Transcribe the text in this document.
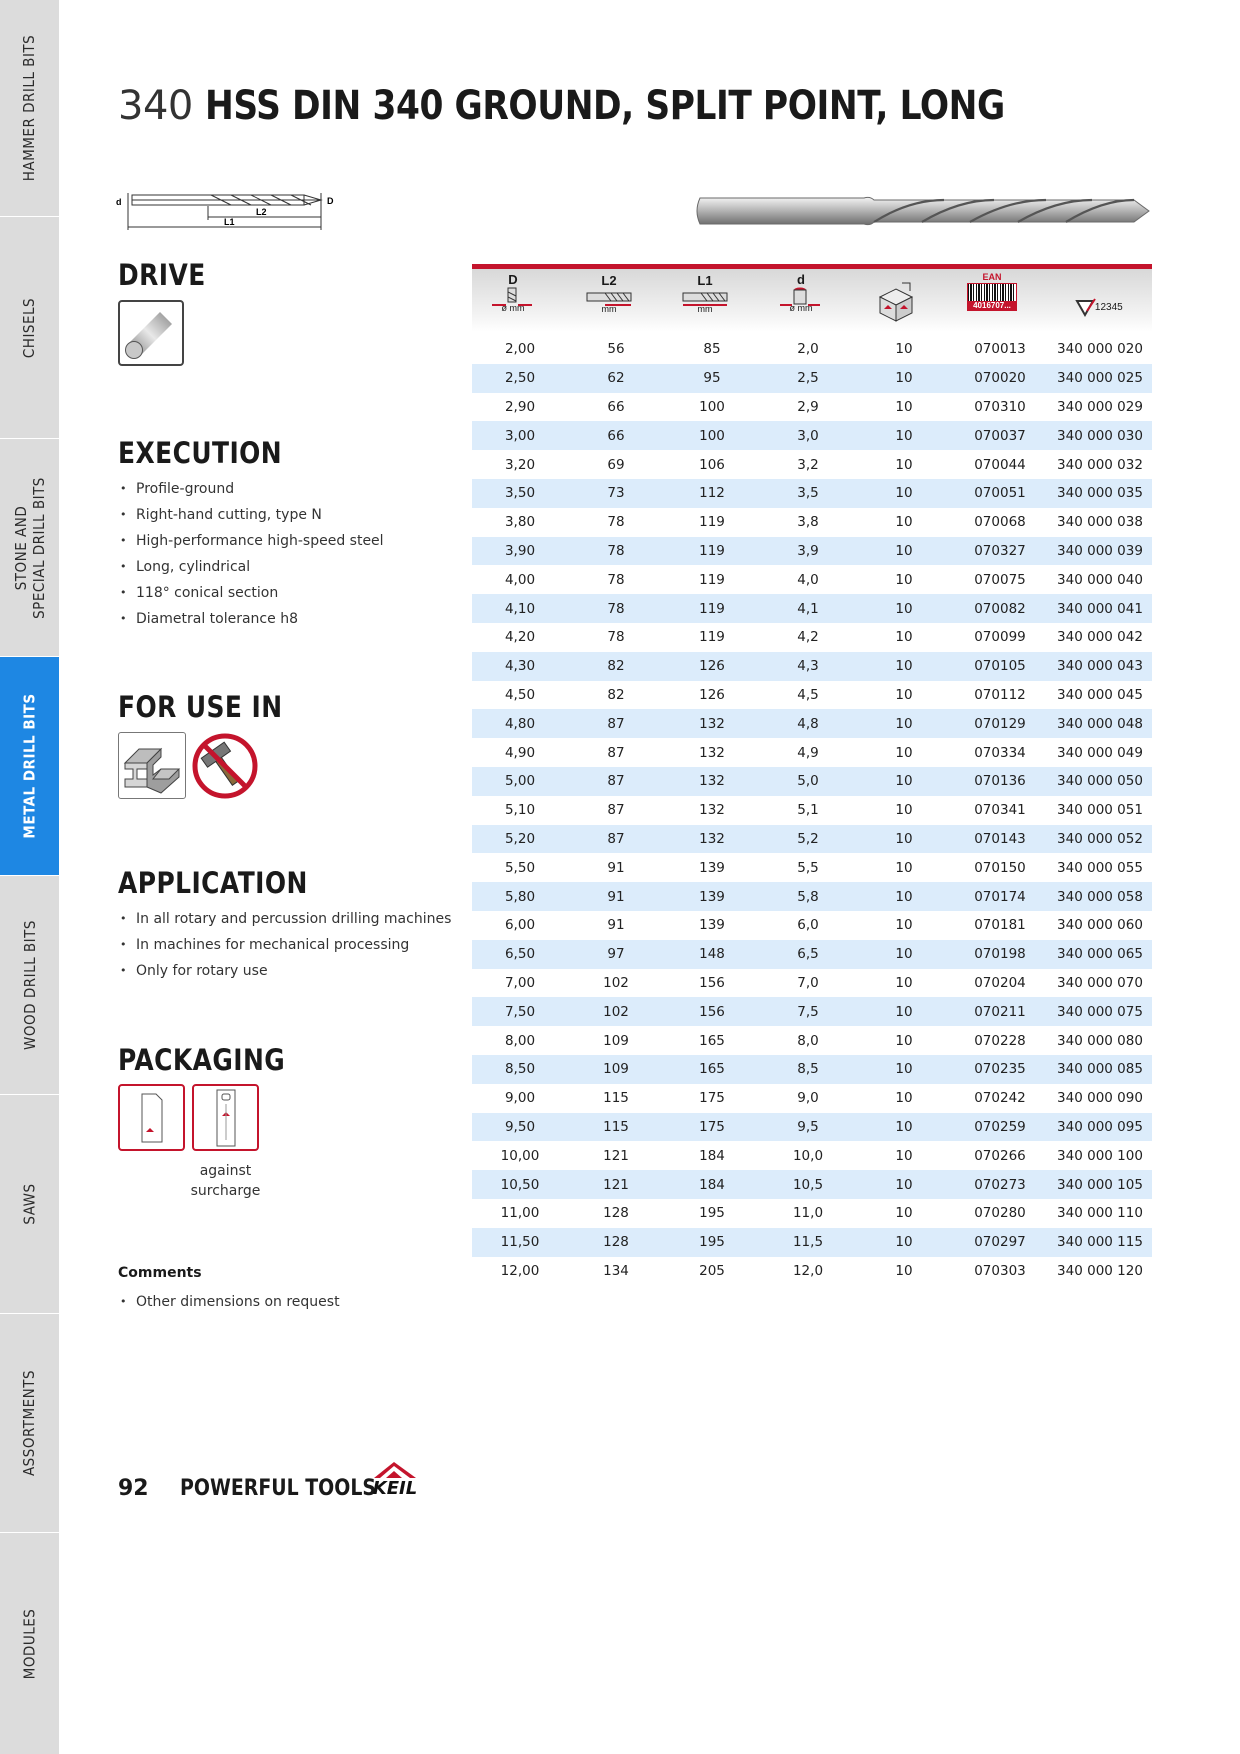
HAMMER DRILL BITS
CHISELS
STONE AND SPECIAL DRILL BITS
METAL DRILL BITS
WOOD DRILL BITS
SAWS
ASSORTMENTS
MODULES
340 HSS DIN 340 GROUND, SPLIT POINT, LONG
d	D
L2
L1
DRIVE
EXECUTION
• Profile-ground
• Right-hand cutting, type N
• High-performance high-speed steel
• Long, cylindrical
• 118° conical section
• Diametral tolerance h8
FOR USE IN
APPLICATION
• In all rotary and percussion drilling machines
• In machines for mechanical processing
• Only for rotary use
PACKAGING
against
surcharge
Comments
• Other dimensions on request
D
ø mm
L2
mm
L1
mm
d
ø mm
EAN
4016707...	$_{12345}$
2,00	56	85	2,0	10	070013	340 000 020
2,50	62	95	2,5	10	070020	340 000 025
2,90	66	100	2,9	10	070310	340 000 029
3,00	66	100	3,0	10	070037	340 000 030
3,20	69	106	3,2	10	070044	340 000 032
3,50	73	112	3,5	10	070051	340 000 035
3,80	78	119	3,8	10	070068	340 000 038
3,90	78	119	3,9	10	070327	340 000 039
4,00	78	119	4,0	10	070075	340 000 040
4,10	78	119	4,1	10	070082	340 000 041
4,20	78	119	4,2	10	070099	340 000 042
4,30	82	126	4,3	10	070105	340 000 043
4,50	82	126	4,5	10	070112	340 000 045
4,80	87	132	4,8	10	070129	340 000 048
4,90	87	132	4,9	10	070334	340 000 049
5,00	87	132	5,0	10	070136	340 000 050
5,10	87	132	5,1	10	070341	340 000 051
5,20	87	132	5,2	10	070143	340 000 052
5,50	91	139	5,5	10	070150	340 000 055
5,80	91	139	5,8	10	070174	340 000 058
6,00	91	139	6,0	10	070181	340 000 060
6,50	97	148	6,5	10	070198	340 000 065
7,00	102	156	7,0	10	070204	340 000 070
7,50	102	156	7,5	10	070211	340 000 075
8,00	109	165	8,0	10	070228	340 000 080
8,50	109	165	8,5	10	070235	340 000 085
9,00	115	175	9,0	10	070242	340 000 090
9,50	115	175	9,5	10	070259	340 000 095
10,00	121	184	10,0	10	070266	340 000 100
10,50	121	184	10,5	10	070273	340 000 105
11,00	128	195	11,0	10	070280	340 000 110
11,50	128	195	11,5	10	070297	340 000 115
12,00	134	205	12,0	10	070303	340 000 120
92 POWERFUL TOOLS
KEIL
